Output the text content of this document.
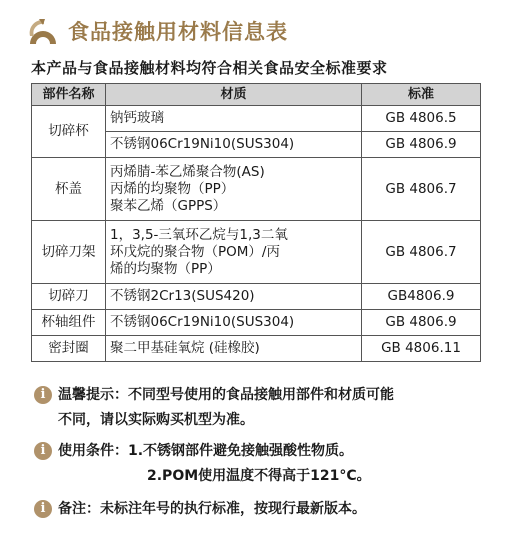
食品接触用材料信息表
本产品与食品接触材料均符合相关食品安全标准要求
部件名称	材质	标准
切碎杯	钠钙玻璃	GB 4806.5

	不锈钢06Cr19Ni10(SUS304)	GB 4806.9
杯盖	丙烯腈-苯乙烯聚合物(AS)
丙烯的均聚物（PP）
聚苯乙烯（GPPS）	GB 4806.7
切碎刀架	1，3,5-三氧环乙烷与1,3二氧
环戊烷的聚合物（POM）/丙
烯的均聚物（PP）	GB 4806.7
切碎刀	不锈钢2Cr13(SUS420)	GB4806.9
杯轴组件	不锈钢06Cr19Ni10(SUS304)	GB 4806.9
密封圈	聚二甲基硅氧烷 (硅橡胶)	GB 4806.11
i 温馨提示：不同型号使用的食品接触用部件和材质可能
不同，请以实际购买机型为准。
i 使用条件：1.不锈钢部件避免接触强酸性物质。
2.POM使用温度不得高于121°C。
i 备注：未标注年号的执行标准，按现行最新版本。
